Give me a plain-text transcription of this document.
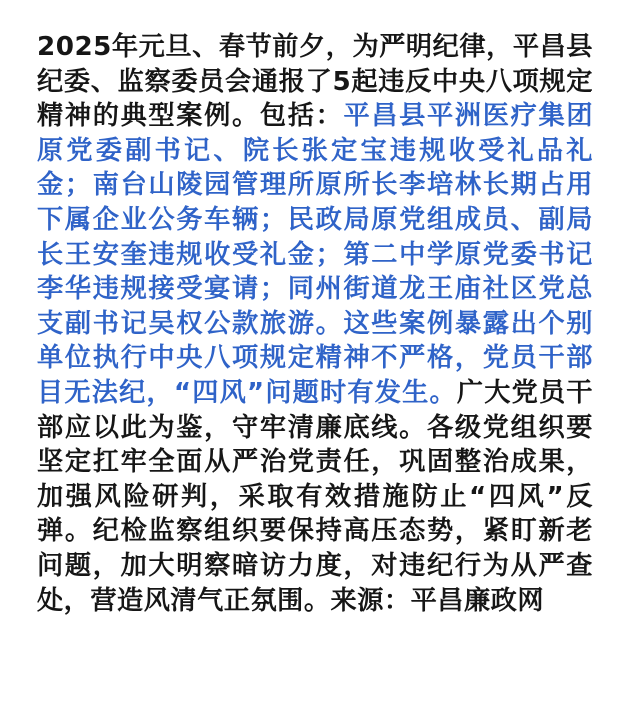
2025年元旦、春节前夕，为严明纪律，平昌县纪委、监察委员会通报了5起违反中央八项规定精神的典型案例。包括：平昌县平洲医疗集团原党委副书记、院长张定宝违规收受礼品礼金；南台山陵园管理所原所长李培林长期占用下属企业公务车辆；民政局原党组成员、副局长王安奎违规收受礼金；第二中学原党委书记李华违规接受宴请；同州街道龙王庙社区党总支副书记吴权公款旅游。这些案例暴露出个别单位执行中央八项规定精神不严格，党员干部目无法纪，“四风”问题时有发生。广大党员干部应以此为鉴，守牢清廉底线。各级党组织要坚定扛牢全面从严治党责任，巩固整治成果，加强风险研判，采取有效措施防止“四风”反弹。纪检监察组织要保持高压态势，紧盯新老问题，加大明察暗访力度，对违纪行为从严查处，营造风清气正氛围。来源：平昌廉政网
